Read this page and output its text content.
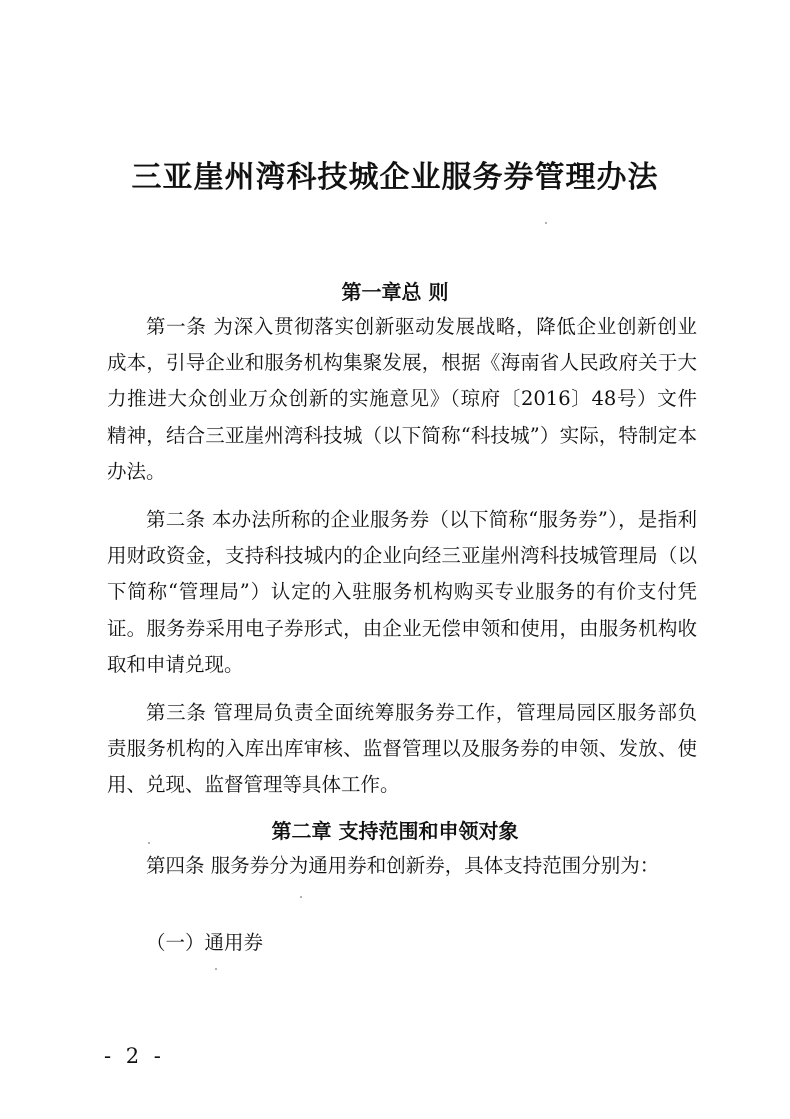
三亚崖州湾科技城企业服务券管理办法
第一章总 则

第一条 为深入贯彻落实创新驱动发展战略，降低企业创新创业成本，引导企业和服务机构集聚发展，根据《海南省人民政府关于大力推进大众创业万众创新的实施意见》（琼府〔2016〕48号）文件精神，结合三亚崖州湾科技城（以下简称“科技城”）实际，特制定本办法。

第二条 本办法所称的企业服务券（以下简称“服务券”），是指利用财政资金，支持科技城内的企业向经三亚崖州湾科技城管理局（以下简称“管理局”）认定的入驻服务机构购买专业服务的有价支付凭证。服务券采用电子券形式，由企业无偿申领和使用，由服务机构收取和申请兑现。

第三条 管理局负责全面统筹服务券工作，管理局园区服务部负责服务机构的入库出库审核、监督管理以及服务券的申领、发放、使用、兑现、监督管理等具体工作。

第二章 支持范围和申领对象

第四条 服务券分为通用券和创新券，具体支持范围分别为：

（一）通用券

- 2 -
